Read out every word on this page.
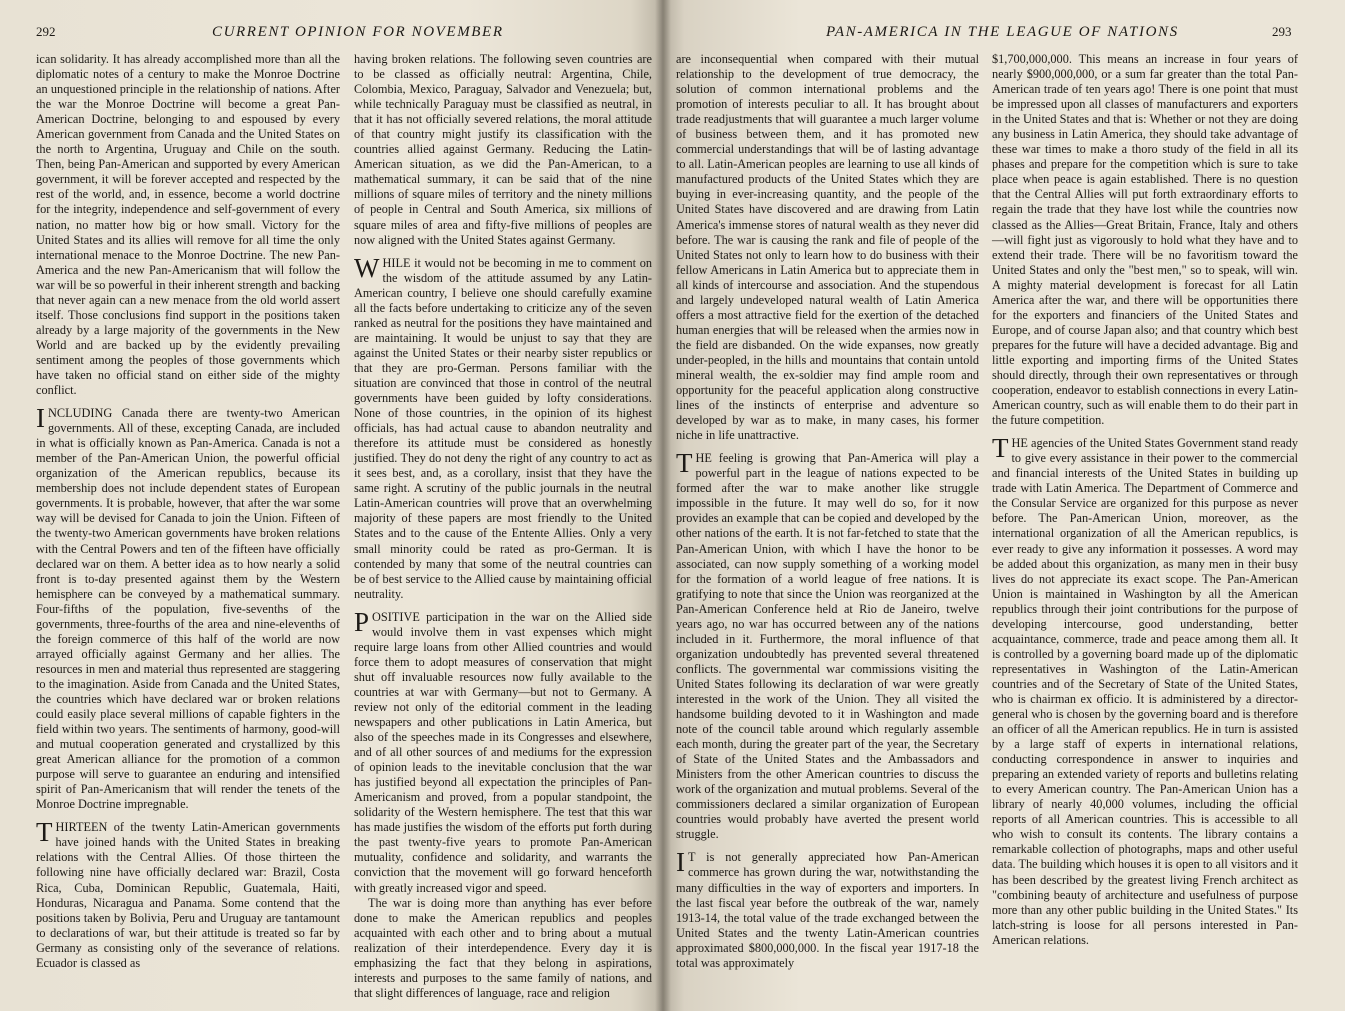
292	CURRENT OPINION FOR NOVEMBER

ican solidarity. It has already accomplished more than all the diplomatic notes of a century to make the Monroe Doctrine an unquestioned principle in the relationship of nations. After the war the Monroe Doctrine will become a great Pan-American Doctrine, belonging to and espoused by every American government from Canada and the United States on the north to Argentina, Uruguay and Chile on the south. Then, being Pan-American and supported by every American government, it will be forever accepted and respected by the rest of the world, and, in essence, become a world doctrine for the integrity, independence and self-government of every nation, no matter how big or how small. Victory for the United States and its allies will remove for all time the only international menace to the Monroe Doctrine. The new Pan-America and the new Pan-Americanism that will follow the war will be so powerful in their inherent strength and backing that never again can a new menace from the old world assert itself. Those conclusions find support in the positions taken already by a large majority of the governments in the New World and are backed up by the evidently prevailing sentiment among the peoples of those governments which have taken no official stand on either side of the mighty conflict.

INCLUDING Canada there are twenty-two American governments. All of these, excepting Canada, are included in what is officially known as Pan-America. Canada is not a member of the Pan-American Union, the powerful official organization of the American republics, because its membership does not include dependent states of European governments. It is probable, however, that after the war some way will be devised for Canada to join the Union. Fifteen of the twenty-two American governments have broken relations with the Central Powers and ten of the fifteen have officially declared war on them. A better idea as to how nearly a solid front is to-day presented against them by the Western hemisphere can be conveyed by a mathematical summary. Four-fifths of the population, five-sevenths of the governments, three-fourths of the area and nine-elevenths of the foreign commerce of this half of the world are now arrayed officially against Germany and her allies. The resources in men and material thus represented are staggering to the imagination. Aside from Canada and the United States, the countries which have declared war or broken relations could easily place several millions of capable fighters in the field within two years. The sentiments of harmony, good-will and mutual cooperation generated and crystallized by this great American alliance for the promotion of a common purpose will serve to guarantee an enduring and intensified spirit of Pan-Americanism that will render the tenets of the Monroe Doctrine impregnable.

THIRTEEN of the twenty Latin-American governments have joined hands with the United States in breaking relations with the Central Allies. Of those thirteen the following nine have officially declared war: Brazil, Costa Rica, Cuba, Dominican Republic, Guatemala, Haiti, Honduras, Nicaragua and Panama. Some contend that the positions taken by Bolivia, Peru and Uruguay are tantamount to declarations of war, but their attitude is treated so far by Germany as consisting only of the severance of relations. Ecuador is classed as

having broken relations. The following seven countries are to be classed as officially neutral: Argentina, Chile, Colombia, Mexico, Paraguay, Salvador and Venezuela; but, while technically Paraguay must be classified as neutral, in that it has not officially severed relations, the moral attitude of that country might justify its classification with the countries allied against Germany. Reducing the Latin-American situation, as we did the Pan-American, to a mathematical summary, it can be said that of the nine millions of square miles of territory and the ninety millions of people in Central and South America, six millions of square miles of area and fifty-five millions of peoples are now aligned with the United States against Germany.

WHILE it would not be becoming in me to comment on the wisdom of the attitude assumed by any Latin-American country, I believe one should carefully examine all the facts before undertaking to criticize any of the seven ranked as neutral for the positions they have maintained and are maintaining. It would be unjust to say that they are against the United States or their nearby sister republics or that they are pro-German. Persons familiar with the situation are convinced that those in control of the neutral governments have been guided by lofty considerations. None of those countries, in the opinion of its highest officials, has had actual cause to abandon neutrality and therefore its attitude must be considered as honestly justified. They do not deny the right of any country to act as it sees best, and, as a corollary, insist that they have the same right. A scrutiny of the public journals in the neutral Latin-American countries will prove that an overwhelming majority of these papers are most friendly to the United States and to the cause of the Entente Allies. Only a very small minority could be rated as pro-German. It is contended by many that some of the neutral countries can be of best service to the Allied cause by maintaining official neutrality.

POSITIVE participation in the war on the Allied side would involve them in vast expenses which might require large loans from other Allied countries and would force them to adopt measures of conservation that might shut off invaluable resources now fully available to the countries at war with Germany—but not to Germany. A review not only of the editorial comment in the leading newspapers and other publications in Latin America, but also of the speeches made in its Congresses and elsewhere, and of all other sources of and mediums for the expression of opinion leads to the inevitable conclusion that the war has justified beyond all expectation the principles of Pan-Americanism and proved, from a popular standpoint, the solidarity of the Western hemisphere. The test that this war has made justifies the wisdom of the efforts put forth during the past twenty-five years to promote Pan-American mutuality, confidence and solidarity, and warrants the conviction that the movement will go forward henceforth with greatly increased vigor and speed.

The war is doing more than anything has ever before done to make the American republics and peoples acquainted with each other and to bring about a mutual realization of their interdependence. Every day it is emphasizing the fact that they belong in aspirations, interests and purposes to the same family of nations, and that slight differences of language, race and religion

PAN-AMERICA IN THE LEAGUE OF NATIONS	293

are inconsequential when compared with their mutual relationship to the development of true democracy, the solution of common international problems and the promotion of interests peculiar to all. It has brought about trade readjustments that will guarantee a much larger volume of business between them, and it has promoted new commercial understandings that will be of lasting advantage to all. Latin-American peoples are learning to use all kinds of manufactured products of the United States which they are buying in ever-increasing quantity, and the people of the United States have discovered and are drawing from Latin America's immense stores of natural wealth as they never did before. The war is causing the rank and file of people of the United States not only to learn how to do business with their fellow Americans in Latin America but to appreciate them in all kinds of intercourse and association. And the stupendous and largely undeveloped natural wealth of Latin America offers a most attractive field for the exertion of the detached human energies that will be released when the armies now in the field are disbanded. On the wide expanses, now greatly under-peopled, in the hills and mountains that contain untold mineral wealth, the ex-soldier may find ample room and opportunity for the peaceful application along constructive lines of the instincts of enterprise and adventure so developed by war as to make, in many cases, his former niche in life unattractive.

THE feeling is growing that Pan-America will play a powerful part in the league of nations expected to be formed after the war to make another like struggle impossible in the future. It may well do so, for it now provides an example that can be copied and developed by the other nations of the earth. It is not far-fetched to state that the Pan-American Union, with which I have the honor to be associated, can now supply something of a working model for the formation of a world league of free nations. It is gratifying to note that since the Union was reorganized at the Pan-American Conference held at Rio de Janeiro, twelve years ago, no war has occurred between any of the nations included in it. Furthermore, the moral influence of that organization undoubtedly has prevented several threatened conflicts. The governmental war commissions visiting the United States following its declaration of war were greatly interested in the work of the Union. They all visited the handsome building devoted to it in Washington and made note of the council table around which regularly assemble each month, during the greater part of the year, the Secretary of State of the United States and the Ambassadors and Ministers from the other American countries to discuss the work of the organization and mutual problems. Several of the commissioners declared a similar organization of European countries would probably have averted the present world struggle.

IT is not generally appreciated how Pan-American commerce has grown during the war, notwithstanding the many difficulties in the way of exporters and importers. In the last fiscal year before the outbreak of the war, namely 1913-14, the total value of the trade exchanged between the United States and the twenty Latin-American countries approximated $800,000,000. In the fiscal year 1917-18 the total was approximately

$1,700,000,000. This means an increase in four years of nearly $900,000,000, or a sum far greater than the total Pan-American trade of ten years ago! There is one point that must be impressed upon all classes of manufacturers and exporters in the United States and that is: Whether or not they are doing any business in Latin America, they should take advantage of these war times to make a thoro study of the field in all its phases and prepare for the competition which is sure to take place when peace is again established. There is no question that the Central Allies will put forth extraordinary efforts to regain the trade that they have lost while the countries now classed as the Allies—Great Britain, France, Italy and others—will fight just as vigorously to hold what they have and to extend their trade. There will be no favoritism toward the United States and only the "best men," so to speak, will win. A mighty material development is forecast for all Latin America after the war, and there will be opportunities there for the exporters and financiers of the United States and Europe, and of course Japan also; and that country which best prepares for the future will have a decided advantage. Big and little exporting and importing firms of the United States should directly, through their own representatives or through cooperation, endeavor to establish connections in every Latin-American country, such as will enable them to do their part in the future competition.

THE agencies of the United States Government stand ready to give every assistance in their power to the commercial and financial interests of the United States in building up trade with Latin America. The Department of Commerce and the Consular Service are organized for this purpose as never before. The Pan-American Union, moreover, as the international organization of all the American republics, is ever ready to give any information it possesses. A word may be added about this organization, as many men in their busy lives do not appreciate its exact scope. The Pan-American Union is maintained in Washington by all the American republics through their joint contributions for the purpose of developing intercourse, good understanding, better acquaintance, commerce, trade and peace among them all. It is controlled by a governing board made up of the diplomatic representatives in Washington of the Latin-American countries and of the Secretary of State of the United States, who is chairman ex officio. It is administered by a director-general who is chosen by the governing board and is therefore an officer of all the American republics. He in turn is assisted by a large staff of experts in international relations, conducting correspondence in answer to inquiries and preparing an extended variety of reports and bulletins relating to every American country. The Pan-American Union has a library of nearly 40,000 volumes, including the official reports of all American countries. This is accessible to all who wish to consult its contents. The library contains a remarkable collection of photographs, maps and other useful data. The building which houses it is open to all visitors and it has been described by the greatest living French architect as "combining beauty of architecture and usefulness of purpose more than any other public building in the United States." Its latch-string is loose for all persons interested in Pan-American relations.
